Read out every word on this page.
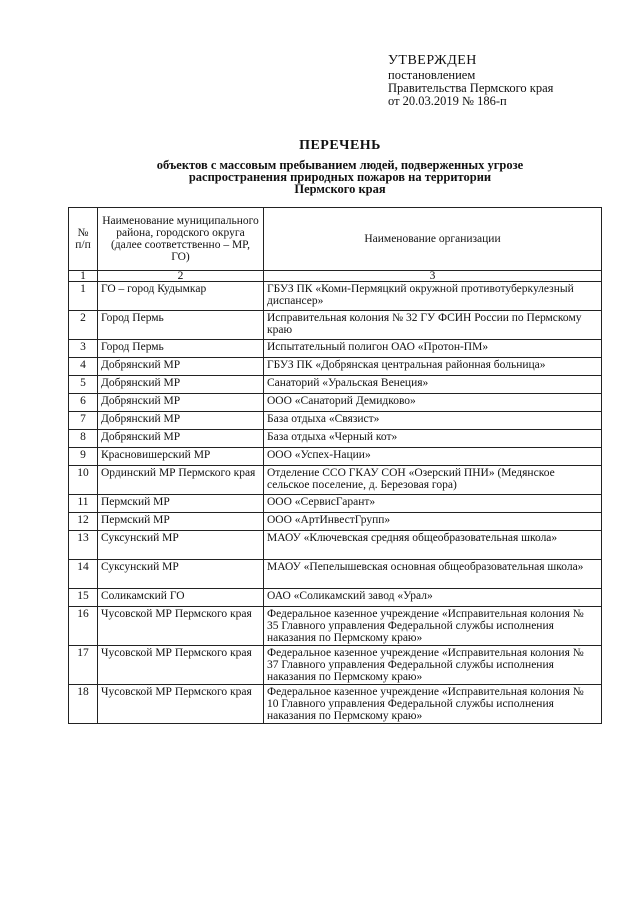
УТВЕРЖДЕН
постановлением
Правительства Пермского края
от 20.03.2019 № 186-п
ПЕРЕЧЕНЬ
объектов с массовым пребыванием людей, подверженных угрозе
распространения природных пожаров на территории
Пермского края
№ п/п	Наименование муниципального района, городского округа (далее соответственно – МР, ГО)	Наименование организации
1	2	3
1	ГО – город Кудымкар	ГБУЗ ПК «Коми-Пермяцкий окружной противотуберкулезный диспансер»
2	Город Пермь	Исправительная колония № 32 ГУ ФСИН России по Пермскому краю
3	Город Пермь	Испытательный полигон ОАО «Протон-ПМ»
4	Добрянский МР	ГБУЗ ПК «Добрянская центральная районная больница»
5	Добрянский МР	Санаторий «Уральская Венеция»
6	Добрянский МР	ООО «Санаторий Демидково»
7	Добрянский МР	База отдыха «Связист»
8	Добрянский МР	База отдыха «Черный кот»
9	Красновишерский МР	ООО «Успех-Нации»
10	Ординский МР Пермского края	Отделение ССО ГКАУ СОН «Озерский ПНИ» (Медянское сельское поселение, д. Березовая гора)
11	Пермский МР	ООО «СервисГарант»
12	Пермский МР	ООО «АртИнвестГрупп»
13	Суксунский МР	МАОУ «Ключевская средняя общеобразовательная школа»
14	Суксунский МР	МАОУ «Пепелышевская основная общеобразовательная школа»
15	Соликамский ГО	ОАО «Соликамский завод «Урал»
16	Чусовской МР Пермского края	Федеральное казенное учреждение «Исправительная колония № 35 Главного управления Федеральной службы исполнения наказания по Пермскому краю»
17	Чусовской МР Пермского края	Федеральное казенное учреждение «Исправительная колония № 37 Главного управления Федеральной службы исполнения наказания по Пермскому краю»
18	Чусовской МР Пермского края	Федеральное казенное учреждение «Исправительная колония № 10 Главного управления Федеральной службы исполнения наказания по Пермскому краю»
